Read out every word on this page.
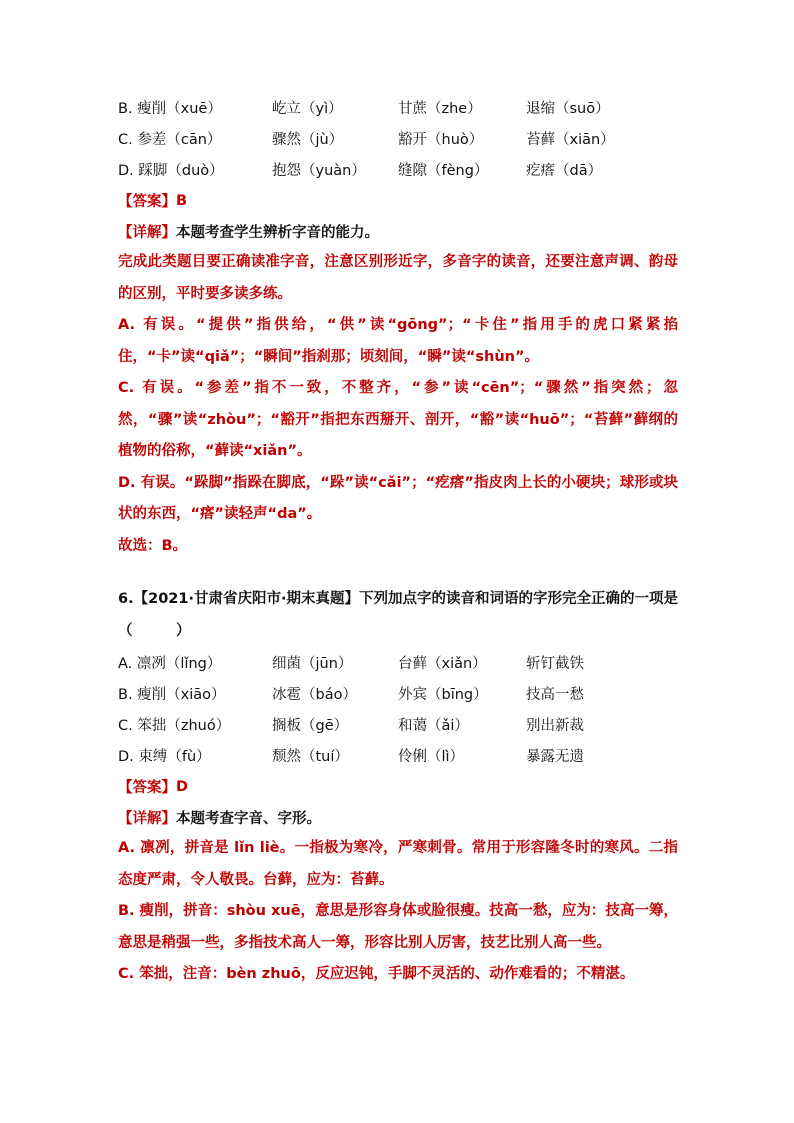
B. 瘦削（xuē）	屹立（yì）	甘蔗（zhe）	退缩（suō）
C. 参差（cān）	骤然（jù）	豁开（huò）	苔藓（xiān）
D. 踩脚（duò）	抱怨（yuàn）	缝隙（fèng）	疙瘩（dā）
【答案】 B
【详解】 本题考查学生辨析字音的能力。

完成此类题目要正确读准字音，注意区别形近字，多音字的读音，还要注意声调、韵母的区别，平时要多读多练。

A. 有误。“提供”指供给，“供”读“gōng”；“卡住”指用手的虎口紧紧掐住，“卡”读“qiǎ”；“瞬间”指刹那；顷刻间，“瞬”读“shùn”。

C. 有误。“参差”指不一致，不整齐，“参”读“cēn”；“骤然”指突然；忽然，“骤”读“zhòu”；“豁开”指把东西掰开、剖开，“豁”读“huō”；“苔藓”藓纲的植物的俗称，“藓读“xiǎn”。

D. 有误。“跺脚”指跺在脚底，“跺”读“cǎi”；“疙瘩”指皮肉上长的小硬块；球形或块状的东西，“瘩”读轻声“da”。

故选：B。

6.【2021·甘肃省庆阳市·期末真题】下列加点字的读音和词语的字形完全正确的一项是（　　　）

A. 凛冽（lǐng）	细菌（jūn）	台藓（xiǎn）	斩钉截铁
B. 瘦削（xiāo）	冰雹（báo）	外宾（bīng）	技高一愁
C. 笨拙（zhuó）	搁板（gē）	和蔼（ǎi）	别出新裁
D. 束缚（fù）	颓然（tuí）	伶俐（lì）	暴露无遗
【答案】 D
【详解】 本题考查字音、字形。

A. 凛冽，拼音是 lǐn liè。一指极为寒冷，严寒刺骨。常用于形容隆冬时的寒风。二指态度严肃，令人敬畏。台藓，应为：苔藓。

B. 瘦削，拼音：shòu xuē，意思是形容身体或脸很瘦。技高一愁，应为：技高一筹，意思是稍强一些，多指技术高人一筹，形容比别人厉害，技艺比别人高一些。

C. 笨拙，注音：bèn zhuō，反应迟钝，手脚不灵活的、动作难看的；不精湛。
